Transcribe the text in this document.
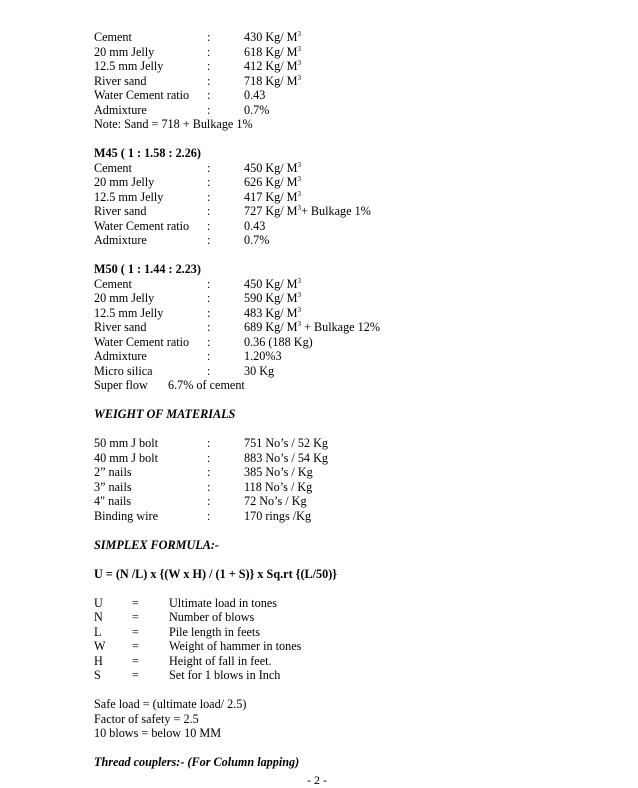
Cement	:	430 Kg/ $M^3$
20 mm Jelly	:	618 Kg/ $M^3$
12.5 mm Jelly	:	412 Kg/ $M^3$
River sand	:	718 Kg/ $M^3$
Water Cement ratio :	0.43
Admixture	:	0.7%
Note: Sand = 718 + Bulkage 1%
M45 ( 1 : 1.58 : 2.26)
Cement	:	450 Kg/ $M^3$
20 mm Jelly	:	626 Kg/ $M^3$
12.5 mm Jelly	:	417 Kg/ $M^3$
River sand	:	727 Kg/ $M^3+$ Bulkage 1%
Water Cement ratio :	0.43
Admixture	:	0.7%
M50 ( 1 : 1.44 : 2.23)
Cement	:	450 Kg/ $M^3$
20 mm Jelly	:	590 Kg/ $M^3$
12.5 mm Jelly	:	483 Kg/ $M^3$
River sand	:	689 Kg/ $M^3$ + Bulkage 12%
Water Cement ratio :	0.36 (188 Kg)
Admixture	:	1.20%3
Micro silica	:	30 Kg
Super flow 6.7% of cement
WEIGHT OF MATERIALS
50 mm J bolt	:	751 No’s / 52 Kg
40 mm J bolt	:	883 No’s / 54 Kg
2” nails	:	385 No’s / Kg
3” nails	:	118 No’s / Kg
4" nails	:	72 No’s / Kg
Binding wire	:	170 rings /Kg
SIMPLEX FORMULA:-
U = (N /L) x {(W x H) / (1 + S)} x Sq.rt {(L/50)}
U = Ultimate load in tones
N = Number of blows
L	= Pile length in feets
W = Weight of hammer in tones
H = Height of fall in feet.
S	= Set for 1 blows in Inch
Safe load = (ultimate load/ 2.5)
Factor of safety = 2.5
10 blows = below 10 MM
Thread couplers:- (For Column lapping)
- 2 -
